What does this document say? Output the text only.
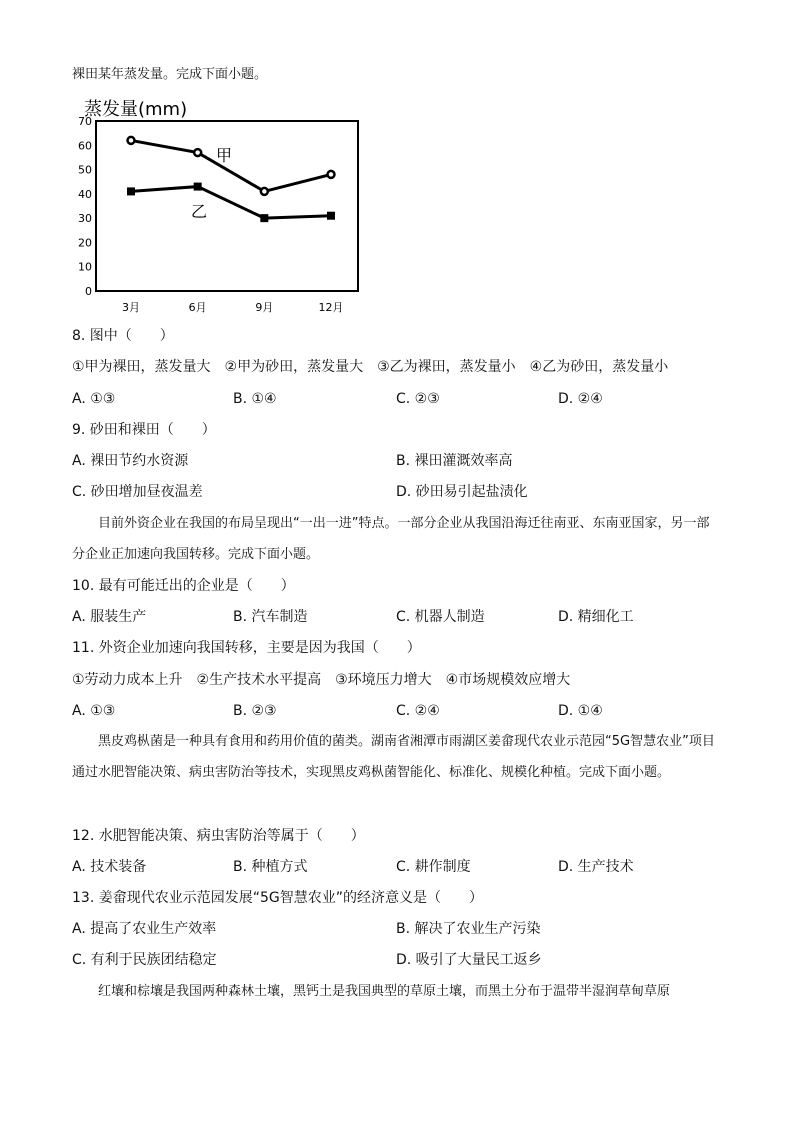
裸田某年蒸发量。完成下面小题。
蒸发量(mm)
70
60
50
40
30
20
10
0
3月	6月	9月	12月
甲
乙
8. 图中（　　）
①甲为裸田，蒸发量大　②甲为砂田，蒸发量大　③乙为裸田，蒸发量小　④乙为砂田，蒸发量小
A. ①③	B. ①④	C. ②③	D. ②④
9. 砂田和裸田（　　）
A. 裸田节约水资源	B. 裸田灌溉效率高
C. 砂田增加昼夜温差	D. 砂田易引起盐渍化
目前外资企业在我国的布局呈现出“一出一进”特点。一部分企业从我国沿海迁往南亚、东南亚国家，另一部分企业正加速向我国转移。完成下面小题。
10. 最有可能迁出的企业是（　　）
A. 服装生产	B. 汽车制造	C. 机器人制造	D. 精细化工
11. 外资企业加速向我国转移，主要是因为我国（　　）
①劳动力成本上升　②生产技术水平提高　③环境压力增大　④市场规模效应增大
A. ①③	B. ②③	C. ②④	D. ①④
黑皮鸡枞菌是一种具有食用和药用价值的菌类。湖南省湘潭市雨湖区姜畲现代农业示范园“5G智慧农业”项目通过水肥智能决策、病虫害防治等技术，实现黑皮鸡枞菌智能化、标准化、规模化种植。完成下面小题。
12. 水肥智能决策、病虫害防治等属于（　　）
A. 技术装备	B. 种植方式	C. 耕作制度	D. 生产技术
13. 姜畲现代农业示范园发展“5G智慧农业”的经济意义是（　　）
A. 提高了农业生产效率	B. 解决了农业生产污染
C. 有利于民族团结稳定	D. 吸引了大量民工返乡
红壤和棕壤是我国两种森林土壤，黑钙土是我国典型的草原土壤，而黑土分布于温带半湿润草甸草原
